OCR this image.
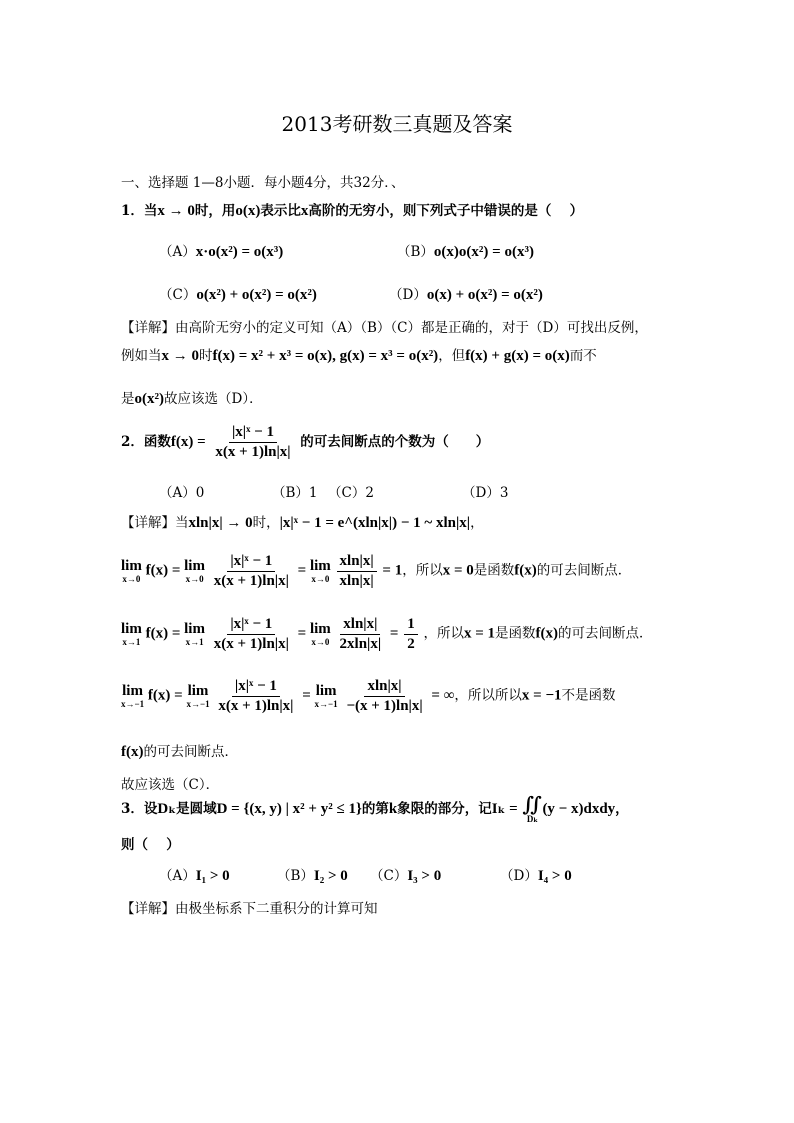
2013考研数三真题及答案
一、选择题 1—8小题．每小题4分，共32分．、
1．当x → 0时，用o(x)表示比x高阶的无穷小，则下列式子中错误的是（　 ）
（A）x·o(x²) = o(x³)	（B）o(x)o(x²) = o(x³)
（C）o(x²) + o(x²) = o(x²)	（D）o(x) + o(x²) = o(x²)
【详解】由高阶无穷小的定义可知（A）（B）（C）都是正确的，对于（D）可找出反例，
例如当x → 0时f(x) = x² + x³ = o(x), g(x) = x³ = o(x²)，但f(x) + g(x) = o(x)而不
是o(x²)故应该选（D）．
2．函数$f(x) = \frac{\text{|x|ˣ − 1}}{x(x + 1)\ln|x|}$ 的可去间断点的个数为（　　）
（A）0	（B）1 （C）2	（D）3
【详解】当xln|x| → 0时，|x|ˣ − 1 = e^(xln|x|) − 1 ~ xln|x|，
lim
x→0
f(x) = lim
x→0
$\frac{\text{|x|ˣ − 1}}{x(x + 1)\ln|x|} = \lim$
x→0
$\frac{xln|x|}{xln|x|} = 1$，所以x = 0是函数f(x)的可去间断点．
lim
x→1
f(x) = lim
x→1
$\frac{\text{|x|ˣ − 1}}{x(x + 1)\ln|x|} = \lim$
x→0
$\frac{xln|x|}{2xln|x|} = \frac{1}{2}$ ，所以x = 1是函数f(x)的可去间断点．
lim
x→−1
f(x) = lim
x→−1
$\frac{\text{|x|ˣ − 1}}{x(x + 1)\ln|x|} = \lim$
x→−1
$\frac{xln|x|}{-(x + 1)\ln|x|}$ = ∞，所以所以x = −1不是函数
f(x)的可去间断点．
故应该选（C）．
3．设Dₖ是圆域D = {(x, y) | x² + y² ≤ 1}的第k象限的部分，记Iₖ = ∬
Dₖ
(y − x)dxdy，
则（　 ）
（A）I₁ > 0	（B）I₂ > 0 （C）I₃ > 0	（D）I₄ > 0
【详解】由极坐标系下二重积分的计算可知
